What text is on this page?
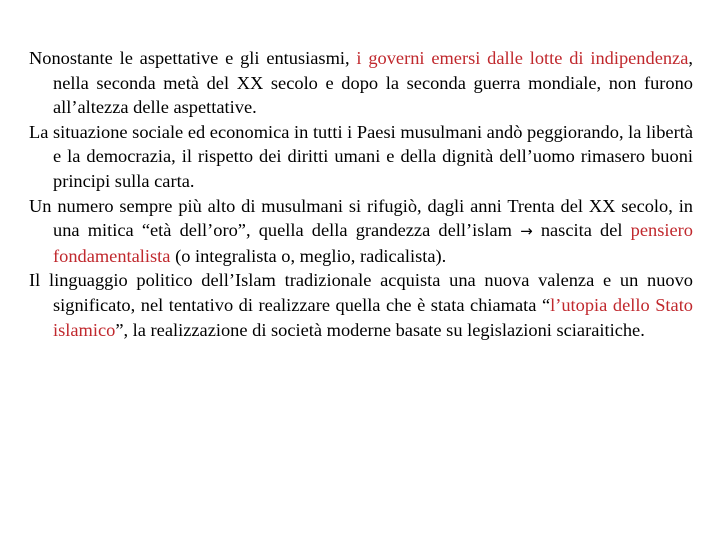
Nonostante le aspettative e gli entusiasmi, i governi emersi dalle lotte di indipendenza, nella seconda metà del XX secolo e dopo la seconda guerra mondiale, non furono all’altezza delle aspettative.

La situazione sociale ed economica in tutti i Paesi musulmani andò peggiorando, la libertà e la democrazia, il rispetto dei diritti umani e della dignità dell’uomo rimasero buoni principi sulla carta.

Un numero sempre più alto di musulmani si rifugiò, dagli anni Trenta del XX secolo, in una mitica “età dell’oro”, quella della grandezza dell’islam → nascita del pensiero fondamentalista (o integralista o, meglio, radicalista).

Il linguaggio politico dell’Islam tradizionale acquista una nuova valenza e un nuovo significato, nel tentativo di realizzare quella che è stata chiamata “l’utopia dello Stato islamico”, la realizzazione di società moderne basate su legislazioni sciaraitiche.
